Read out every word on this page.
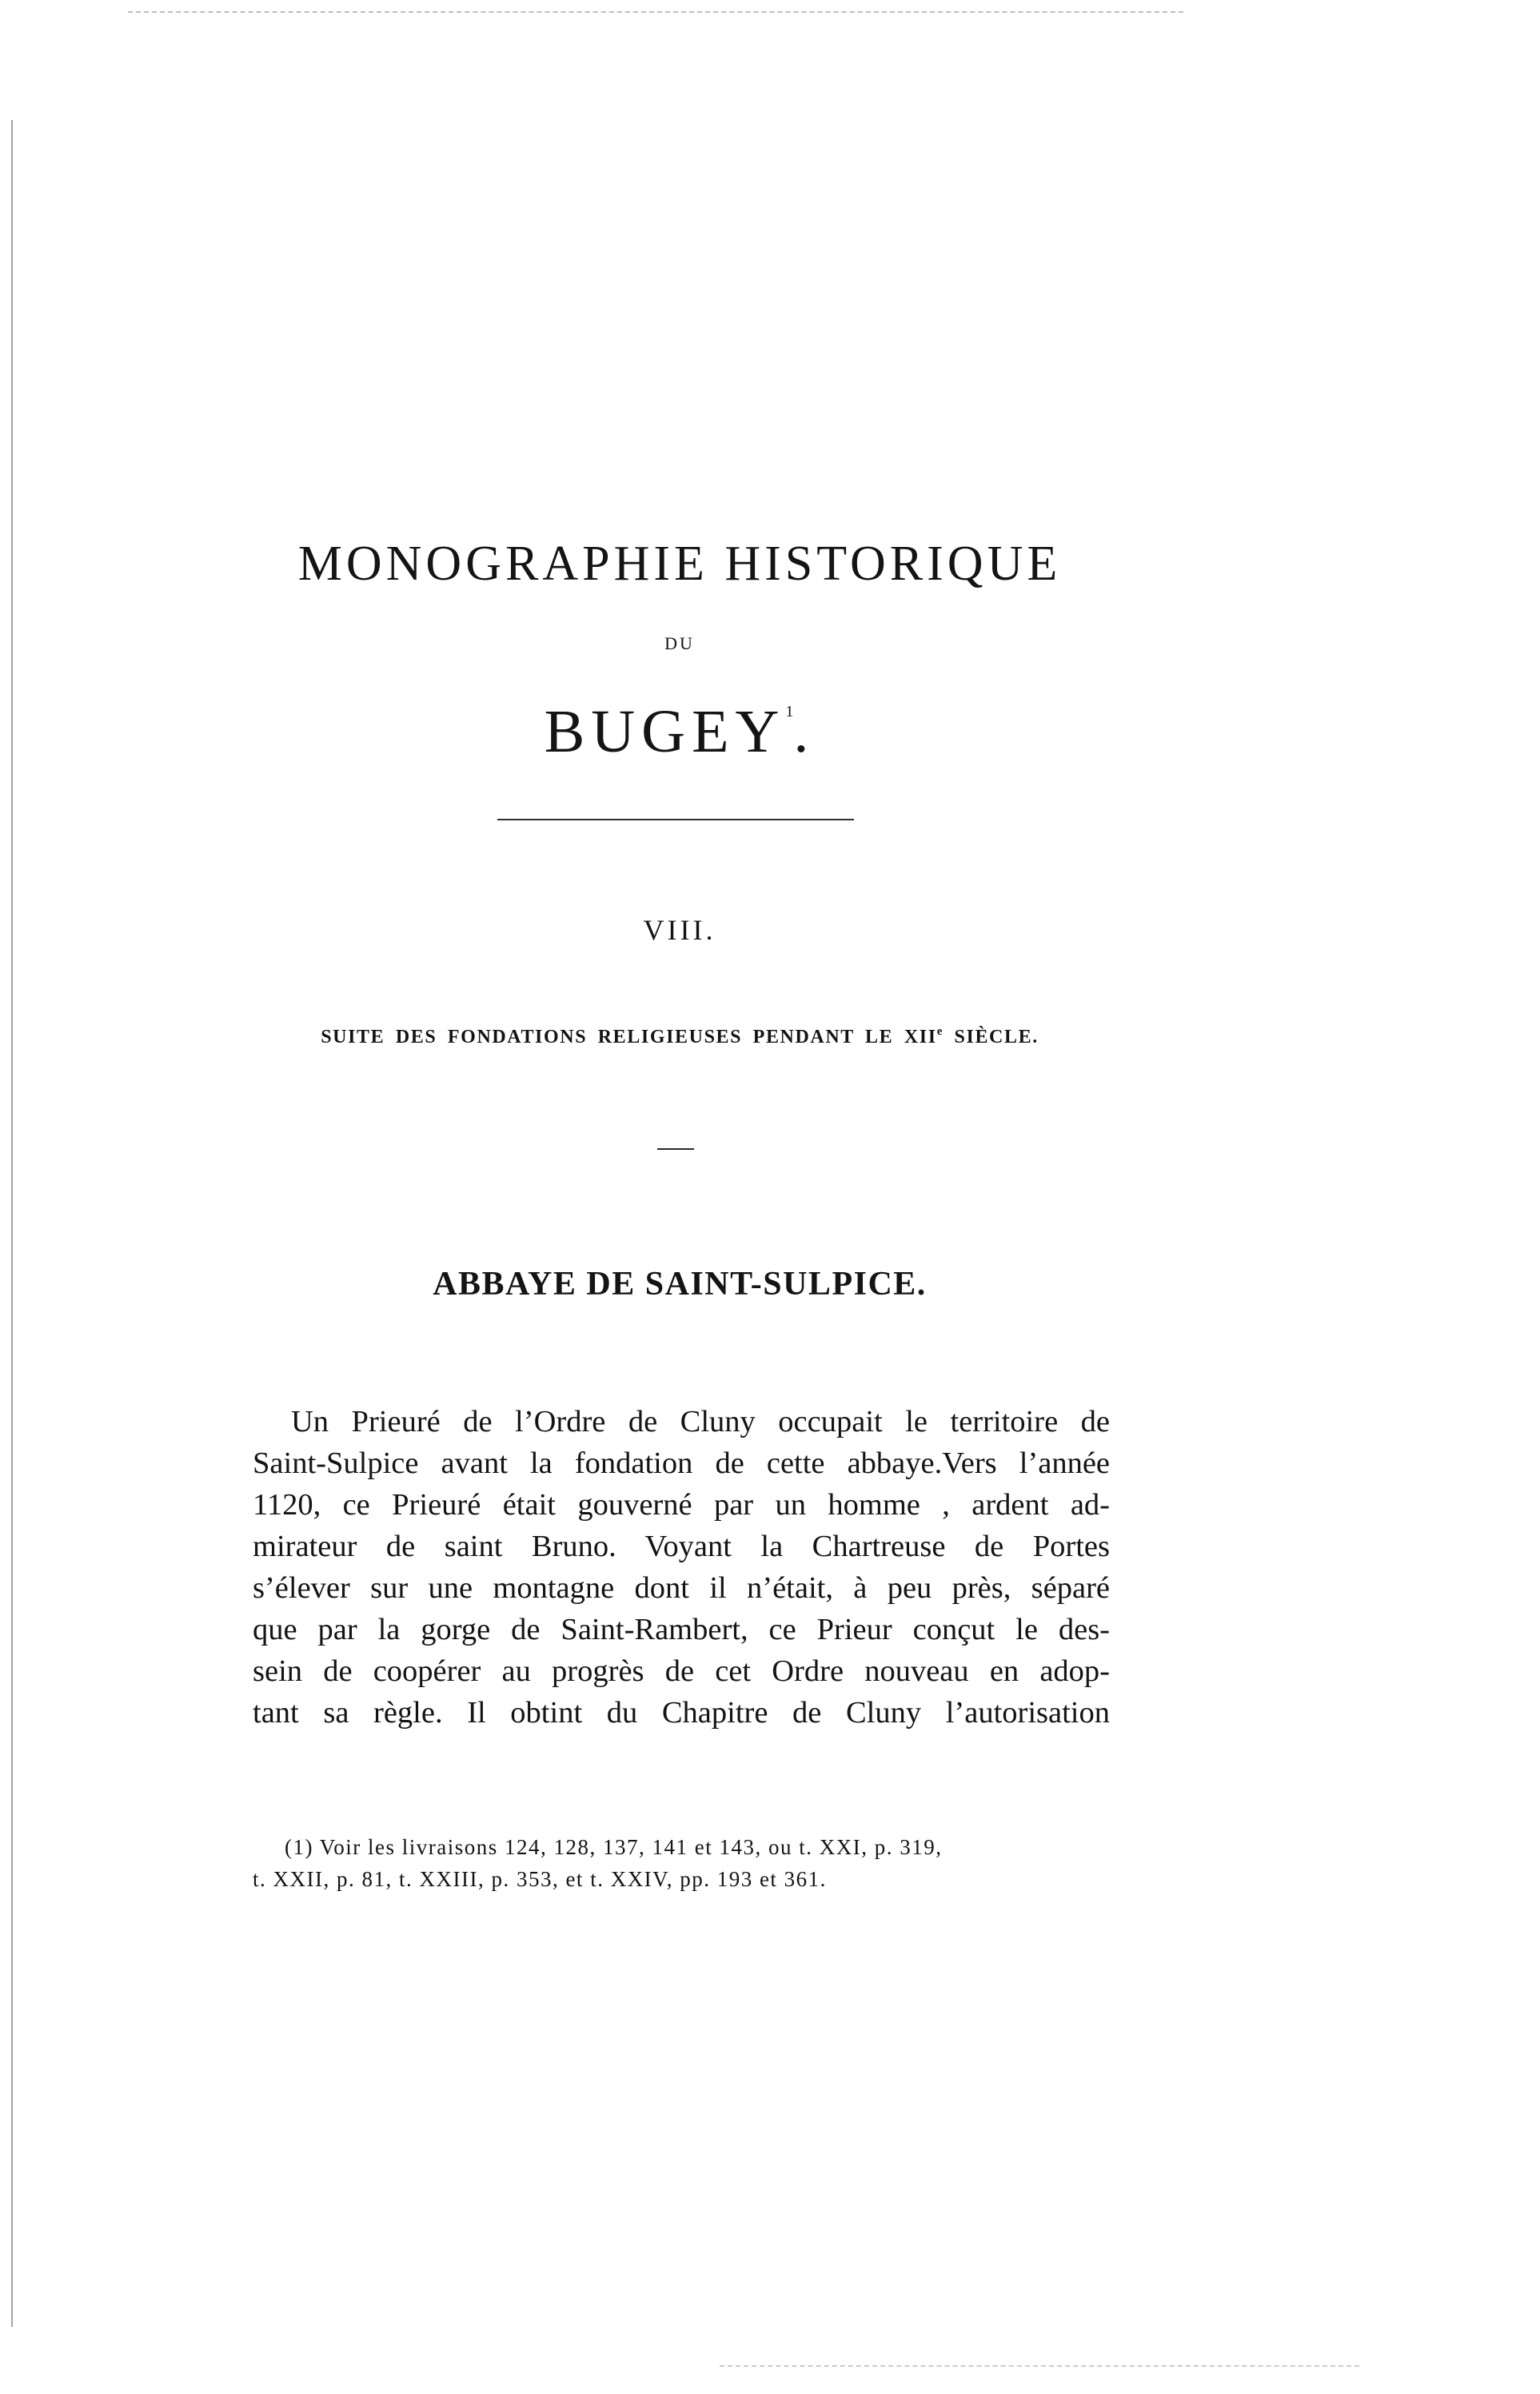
MONOGRAPHIE HISTORIQUE
DU
BUGEY$^1$.
VIII.
SUITE DES FONDATIONS RELIGIEUSES PENDANT LE XIIe SIÈCLE.
ABBAYE DE SAINT-SULPICE.
Un Prieuré de l’Ordre de Cluny occupait le territoire de
Saint-Sulpice avant la fondation de cette abbaye.Vers l’année
1120, ce Prieuré était gouverné par un homme , ardent ad-
mirateur de saint Bruno. Voyant la Chartreuse de Portes
s’élever sur une montagne dont il n’était, à peu près, séparé
que par la gorge de Saint-Rambert, ce Prieur conçut le des-
sein de coopérer au progrès de cet Ordre nouveau en adop-
tant sa règle. Il obtint du Chapitre de Cluny l’autorisation
(1) Voir les livraisons 124, 128, 137, 141 et 143, ou t. XXI, p. 319,
t. XXII, p. 81, t. XXIII, p. 353, et t. XXIV, pp. 193 et 361.
